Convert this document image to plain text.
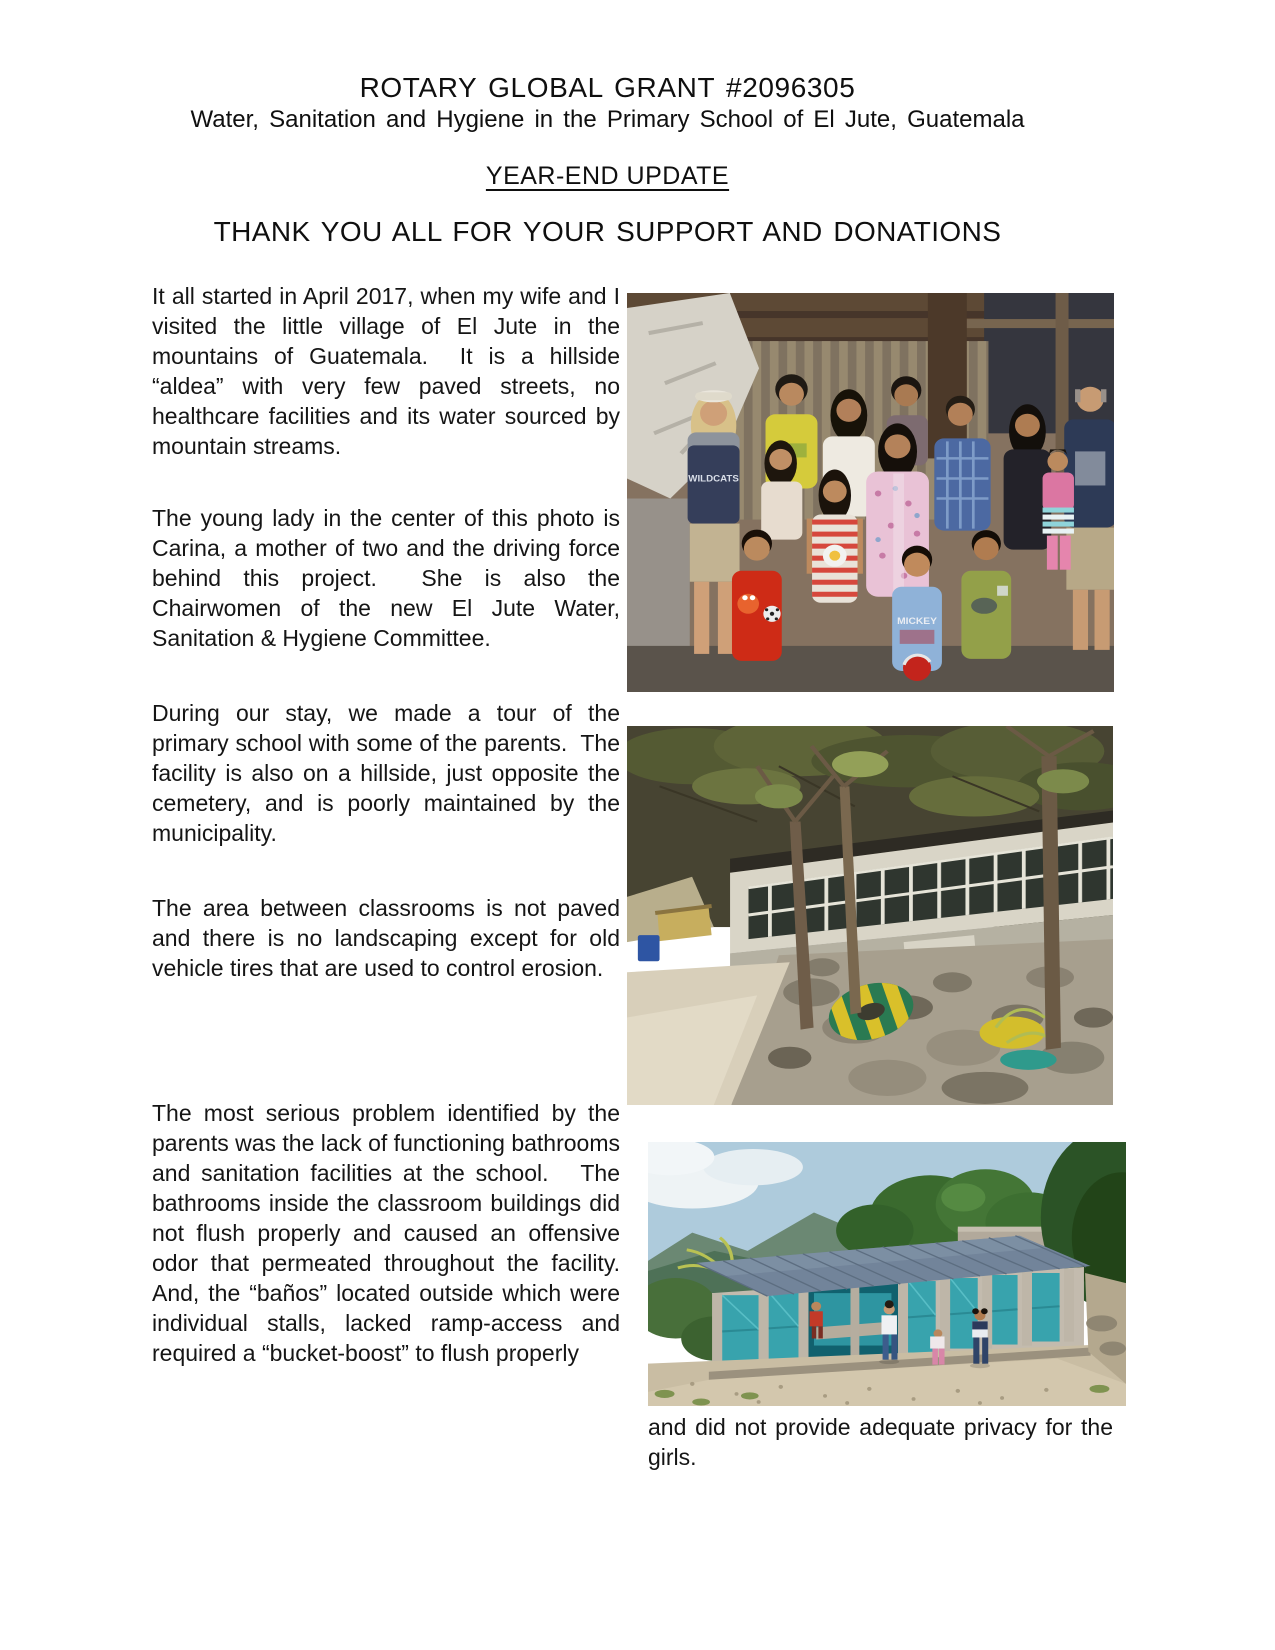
ROTARY GLOBAL GRANT #2096305
Water, Sanitation and Hygiene in the Primary School of El Jute, Guatemala
YEAR-END UPDATE
THANK YOU ALL FOR YOUR SUPPORT AND DONATIONS

It all started in April 2017, when my wife and I visited the little village of El Jute in the mountains of Guatemala.  It is a hillside “aldea” with very few paved streets, no healthcare facilities and its water sourced by mountain streams.

The young lady in the center of this photo is Carina, a mother of two and the driving force behind this project.  She is also the Chairwomen of the new El Jute Water, Sanitation & Hygiene Committee.

During our stay, we made a tour of the primary school with some of the parents.  The facility is also on a hillside, just opposite the cemetery, and is poorly maintained by the municipality.

The area between classrooms is not paved and there is no landscaping except for old vehicle tires that are used to control erosion.

The most serious problem identified by the parents was the lack of functioning bathrooms and sanitation facilities at the school.   The bathrooms inside the classroom buildings did not flush properly and caused an offensive odor that permeated throughout the facility.  And, the “baños” located outside which were individual stalls, lacked ramp-access and required a “bucket-boost” to flush properly

WILDCATS
MICKEY

and did not provide adequate privacy for the girls.
